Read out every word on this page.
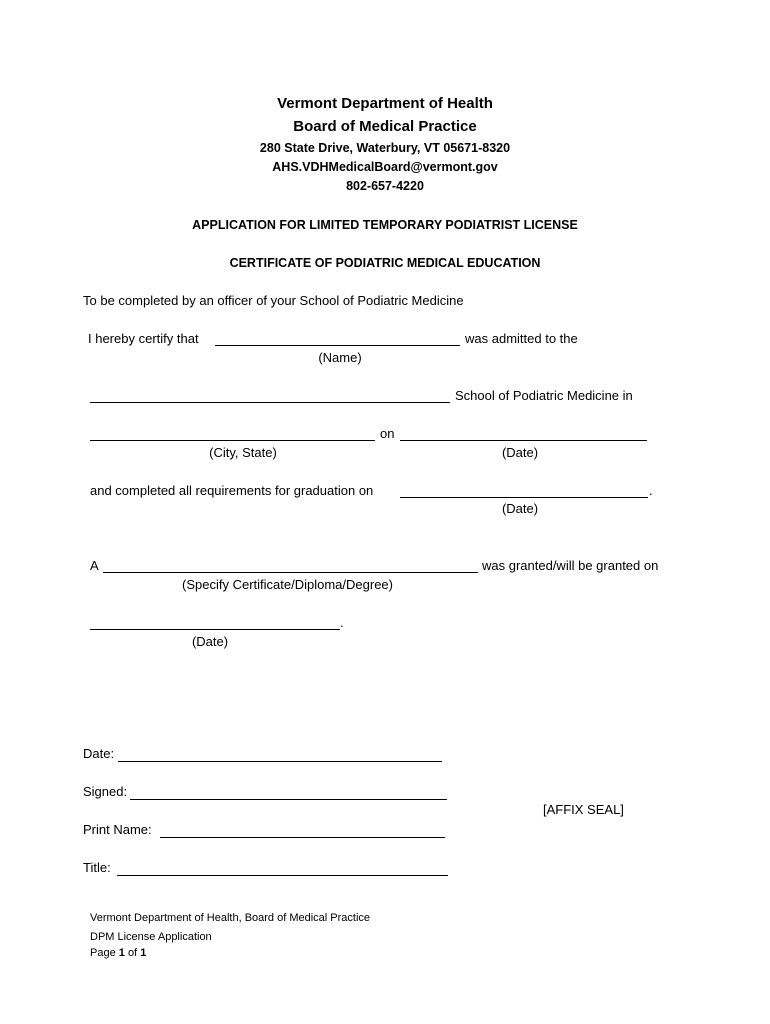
Vermont Department of Health
Board of Medical Practice
280 State Drive, Waterbury, VT 05671-8320
AHS.VDHMedicalBoard@vermont.gov
802-657-4220
APPLICATION FOR LIMITED TEMPORARY PODIATRIST LICENSE
CERTIFICATE OF PODIATRIC MEDICAL EDUCATION
To be completed by an officer of your School of Podiatric Medicine
I hereby certify that	was admitted to the
(Name)
School of Podiatric Medicine in
on
(City, State)	(Date)
and completed all requirements for graduation on	.
(Date)
A	was granted/will be granted on
(Specify Certificate/Diploma/Degree)
.
(Date)
Date:
Signed:
[AFFIX SEAL]
Print Name:
Title:
Vermont Department of Health, Board of Medical Practice
DPM License Application
Page 1 of 1
